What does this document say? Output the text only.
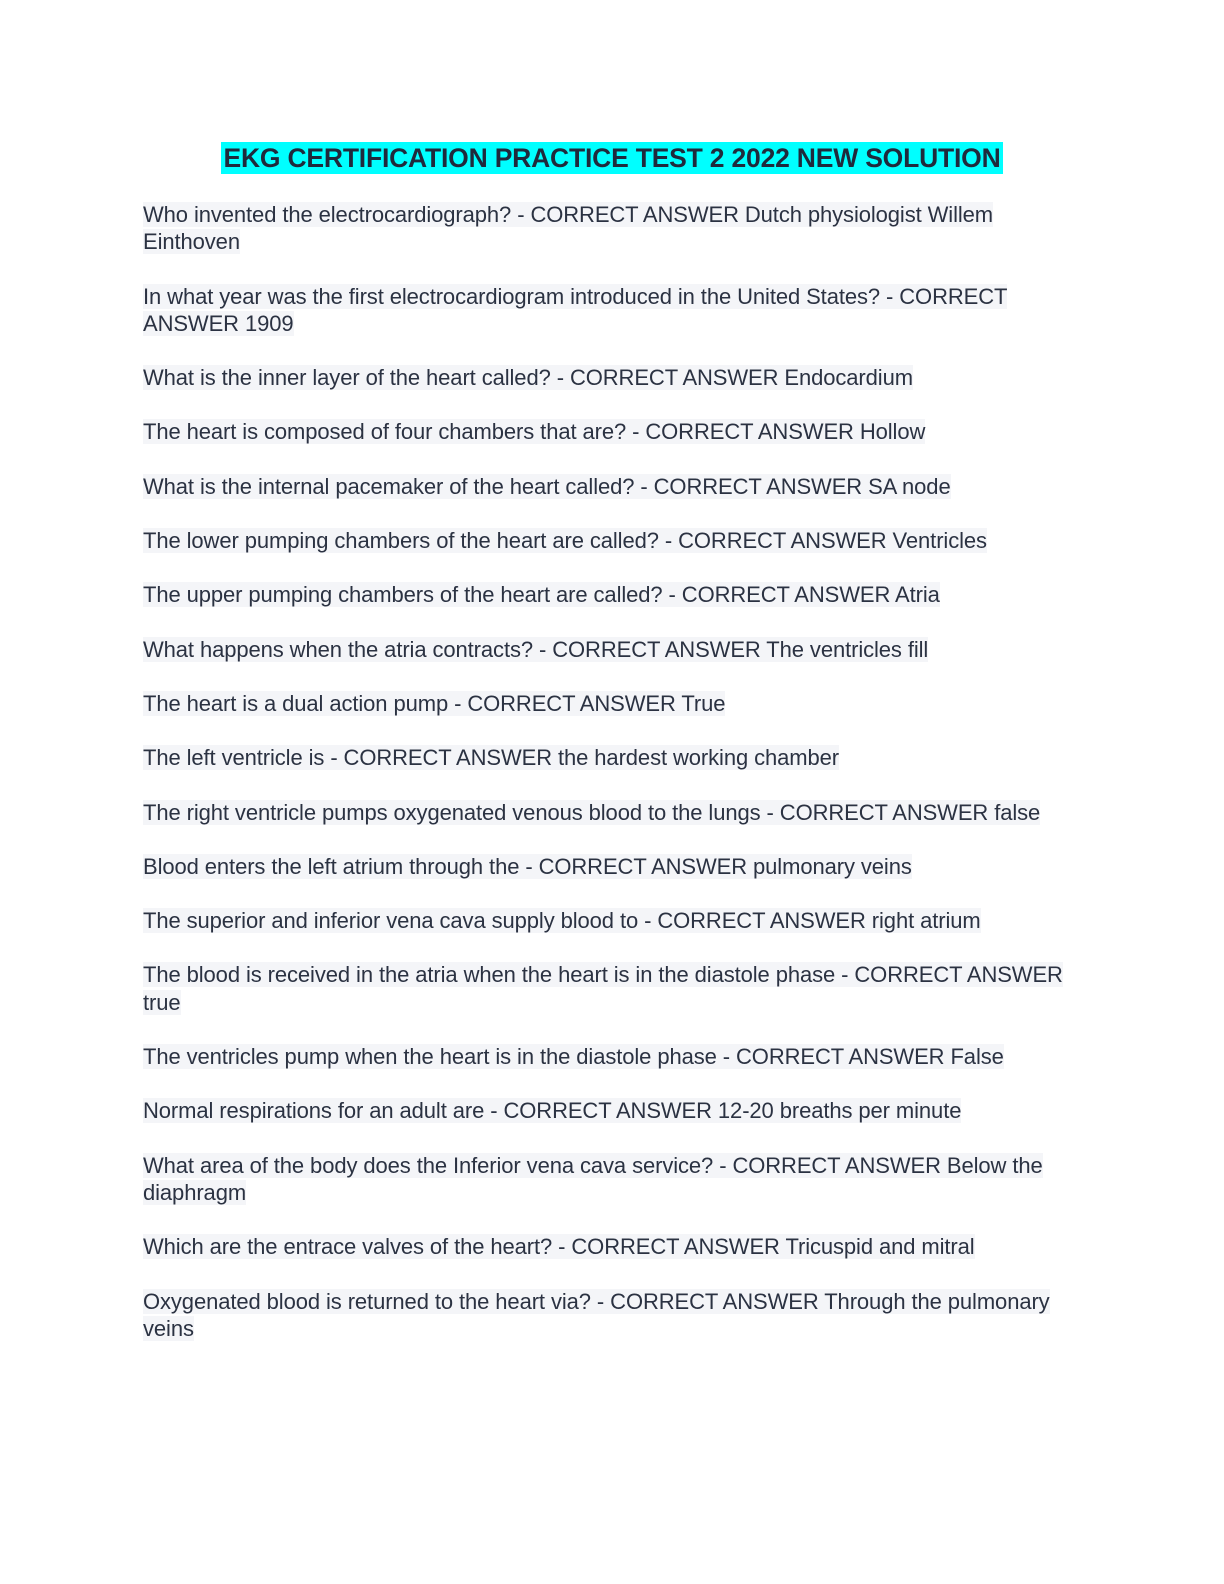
EKG CERTIFICATION PRACTICE TEST 2 2022 NEW SOLUTION

Who invented the electrocardiograph? - CORRECT ANSWER Dutch physiologist Willem Einthoven

In what year was the first electrocardiogram introduced in the United States? - CORRECT ANSWER 1909

What is the inner layer of the heart called? - CORRECT ANSWER Endocardium

The heart is composed of four chambers that are? - CORRECT ANSWER Hollow

What is the internal pacemaker of the heart called? - CORRECT ANSWER SA node

The lower pumping chambers of the heart are called? - CORRECT ANSWER Ventricles

The upper pumping chambers of the heart are called? - CORRECT ANSWER Atria

What happens when the atria contracts? - CORRECT ANSWER The ventricles fill

The heart is a dual action pump - CORRECT ANSWER True

The left ventricle is - CORRECT ANSWER the hardest working chamber

The right ventricle pumps oxygenated venous blood to the lungs - CORRECT ANSWER false

Blood enters the left atrium through the - CORRECT ANSWER pulmonary veins

The superior and inferior vena cava supply blood to - CORRECT ANSWER right atrium

The blood is received in the atria when the heart is in the diastole phase - CORRECT ANSWER true

The ventricles pump when the heart is in the diastole phase - CORRECT ANSWER False

Normal respirations for an adult are - CORRECT ANSWER 12-20 breaths per minute

What area of the body does the Inferior vena cava service? - CORRECT ANSWER Below the diaphragm

Which are the entrace valves of the heart? - CORRECT ANSWER Tricuspid and mitral

Oxygenated blood is returned to the heart via? - CORRECT ANSWER Through the pulmonary veins
